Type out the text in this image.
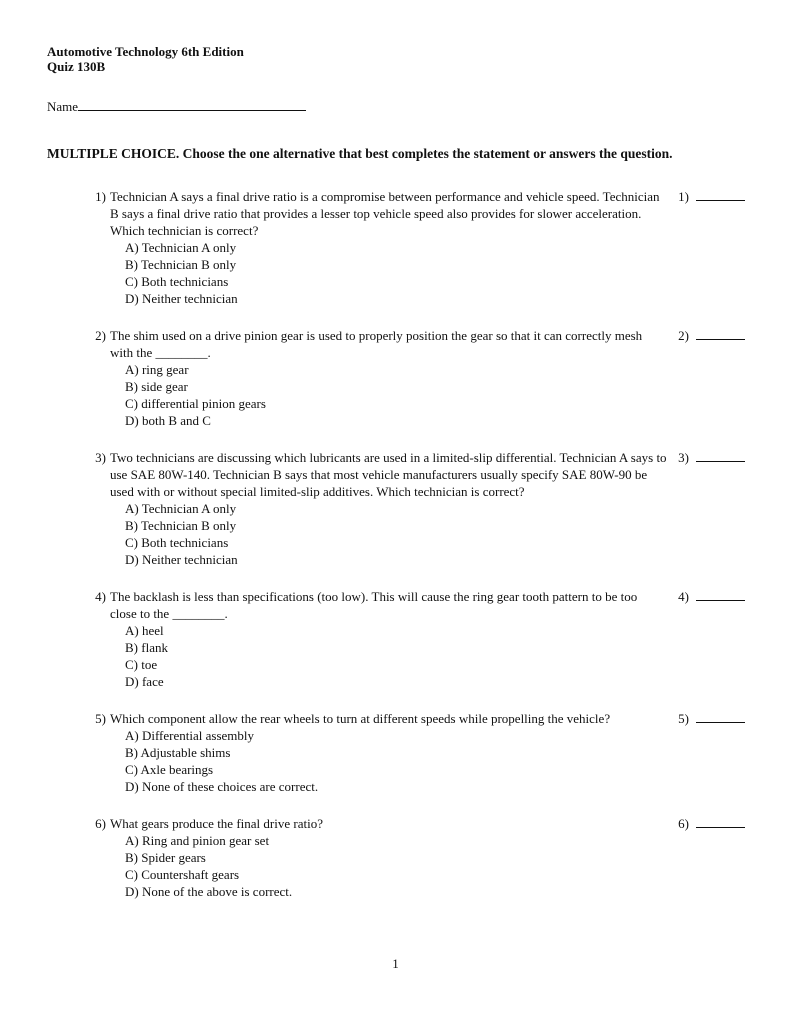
Automotive Technology 6th Edition
Quiz 130B
Name
MULTIPLE CHOICE. Choose the one alternative that best completes the statement or answers the question.
1) Technician A says a final drive ratio is a compromise between performance and vehicle speed. Technician B says a final drive ratio that provides a lesser top vehicle speed also provides for slower acceleration. Which technician is correct?
A) Technician A only
B) Technician B only
C) Both technicians
D) Neither technician
1)
2) The shim used on a drive pinion gear is used to properly position the gear so that it can correctly mesh with the ________.
A) ring gear
B) side gear
C) differential pinion gears
D) both B and C
2)
3) Two technicians are discussing which lubricants are used in a limited-slip differential. Technician A says to use SAE 80W-140. Technician B says that most vehicle manufacturers usually specify SAE 80W-90 be used with or without special limited-slip additives. Which technician is correct?
A) Technician A only
B) Technician B only
C) Both technicians
D) Neither technician
3)
4) The backlash is less than specifications (too low). This will cause the ring gear tooth pattern to be too close to the ________.
A) heel
B) flank
C) toe
D) face
4)
5) Which component allow the rear wheels to turn at different speeds while propelling the vehicle?
A) Differential assembly
B) Adjustable shims
C) Axle bearings
D) None of these choices are correct.
5)
6) What gears produce the final drive ratio?
A) Ring and pinion gear set
B) Spider gears
C) Countershaft gears
D) None of the above is correct.
6)
1
